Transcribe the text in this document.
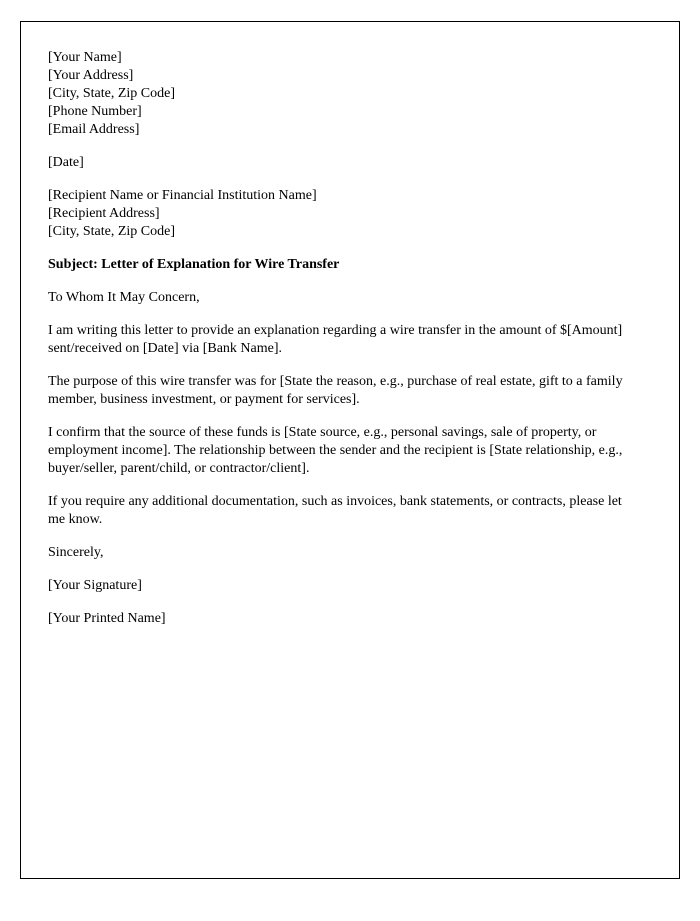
[Your Name]

[Your Address]

[City, State, Zip Code]

[Phone Number]

[Email Address]

[Date]

[Recipient Name or Financial Institution Name]

[Recipient Address]

[City, State, Zip Code]

Subject: Letter of Explanation for Wire Transfer

To Whom It May Concern,

I am writing this letter to provide an explanation regarding a wire transfer in the amount of $[Amount] sent/received on [Date] via [Bank Name].

The purpose of this wire transfer was for [State the reason, e.g., purchase of real estate, gift to a family member, business investment, or payment for services].

I confirm that the source of these funds is [State source, e.g., personal savings, sale of property, or employment income]. The relationship between the sender and the recipient is [State relationship, e.g., buyer/seller, parent/child, or contractor/client].

If you require any additional documentation, such as invoices, bank statements, or contracts, please let me know.

Sincerely,

[Your Signature]

[Your Printed Name]
